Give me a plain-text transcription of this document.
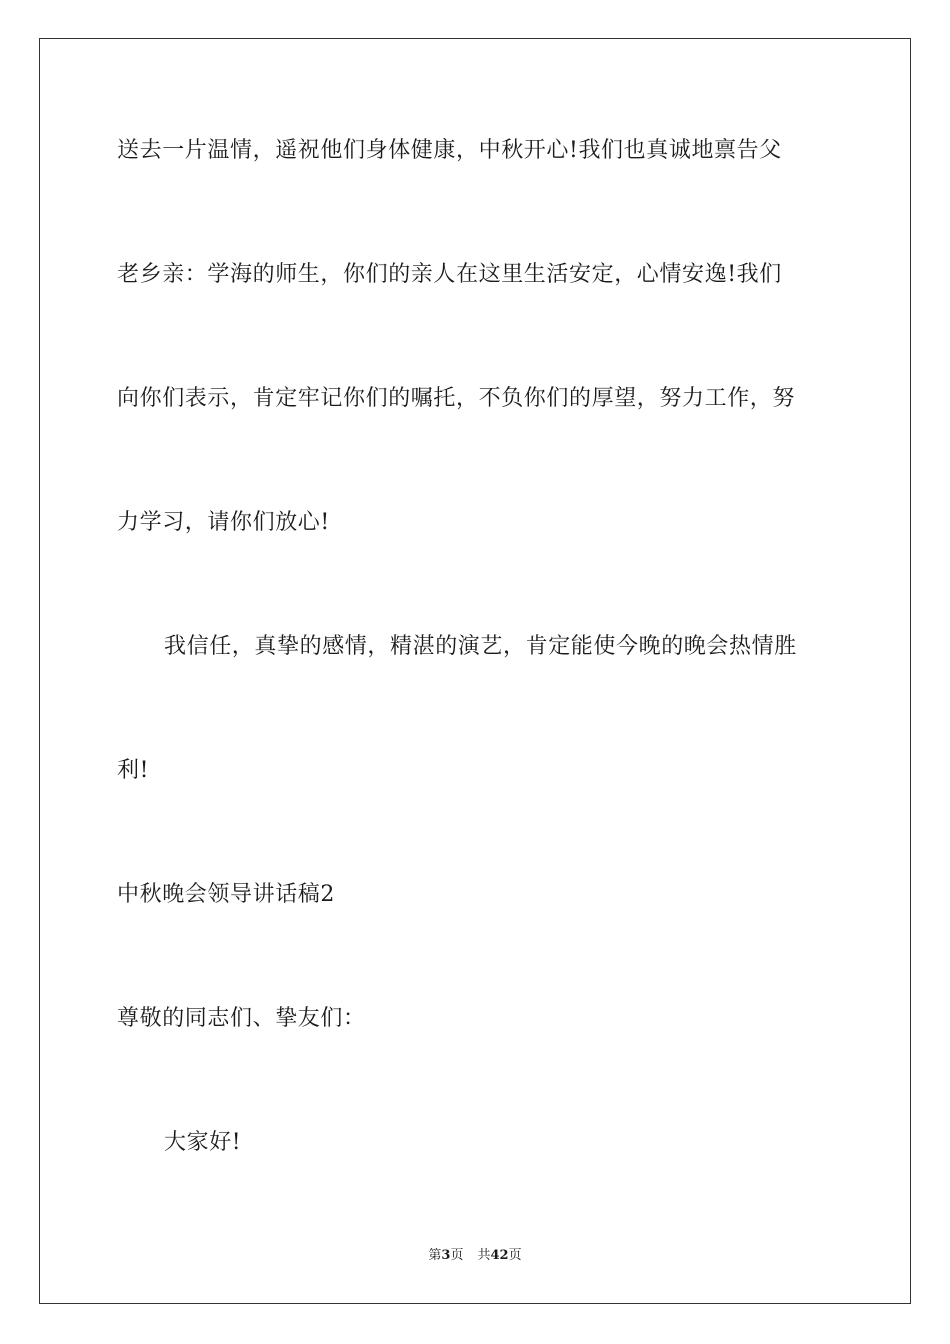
送去一片温情，遥祝他们身体健康，中秋开心!我们也真诚地禀告父
老乡亲：学海的师生，你们的亲人在这里生活安定，心情安逸!我们
向你们表示，肯定牢记你们的嘱托，不负你们的厚望，努力工作，努
力学习，请你们放心!
我信任，真挚的感情，精湛的演艺，肯定能使今晚的晚会热情胜
利!
中秋晚会领导讲话稿2
尊敬的同志们、挚友们：
大家好!
第3页 共42页
